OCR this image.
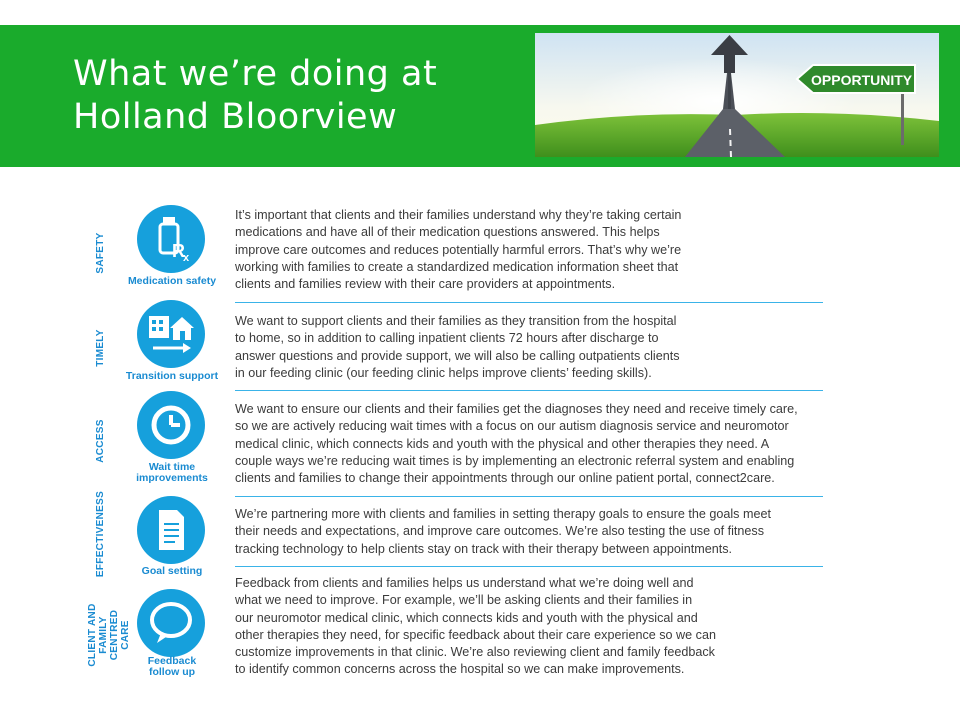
What we’re doing at
Holland Bloorview
OPPORTUNITY
SAFETY	R
x
Medication safety
It’s important that clients and their families understand why they’re taking certain
medications and have all of their medication questions answered. This helps
improve care outcomes and reduces potentially harmful errors. That’s why we’re
working with families to create a standardized medication information sheet that
clients and families review with their care providers at appointments.
TIMELY
Transition support
We want to support clients and their families as they transition from the hospital
to home, so in addition to calling inpatient clients 72 hours after discharge to
answer questions and provide support, we will also be calling outpatients clients
in our feeding clinic (our feeding clinic helps improve clients’ feeding skills).
ACCESS
Wait time
improvements
We want to ensure our clients and their families get the diagnoses they need and receive timely care,
so we are actively reducing wait times with a focus on our autism diagnosis service and neuromotor
medical clinic, which connects kids and youth with the physical and other therapies they need. A
couple ways we’re reducing wait times is by implementing an electronic referral system and enabling
clients and families to change their appointments through our online patient portal, connect2care.
EFFECTIVENESS	Goal setting
We’re partnering more with clients and families in setting therapy goals to ensure the goals meet
their needs and expectations, and improve care outcomes. We’re also testing the use of fitness
tracking technology to help clients stay on track with their therapy between appointments.
CLIENT AND FAMILY CENTRED CARE
Feedback
follow up
Feedback from clients and families helps us understand what we’re doing well and
what we need to improve. For example, we’ll be asking clients and their families in
our neuromotor medical clinic, which connects kids and youth with the physical and
other therapies they need, for specific feedback about their care experience so we can
customize improvements in that clinic. We’re also reviewing client and family feedback
to identify common concerns across the hospital so we can make improvements.
